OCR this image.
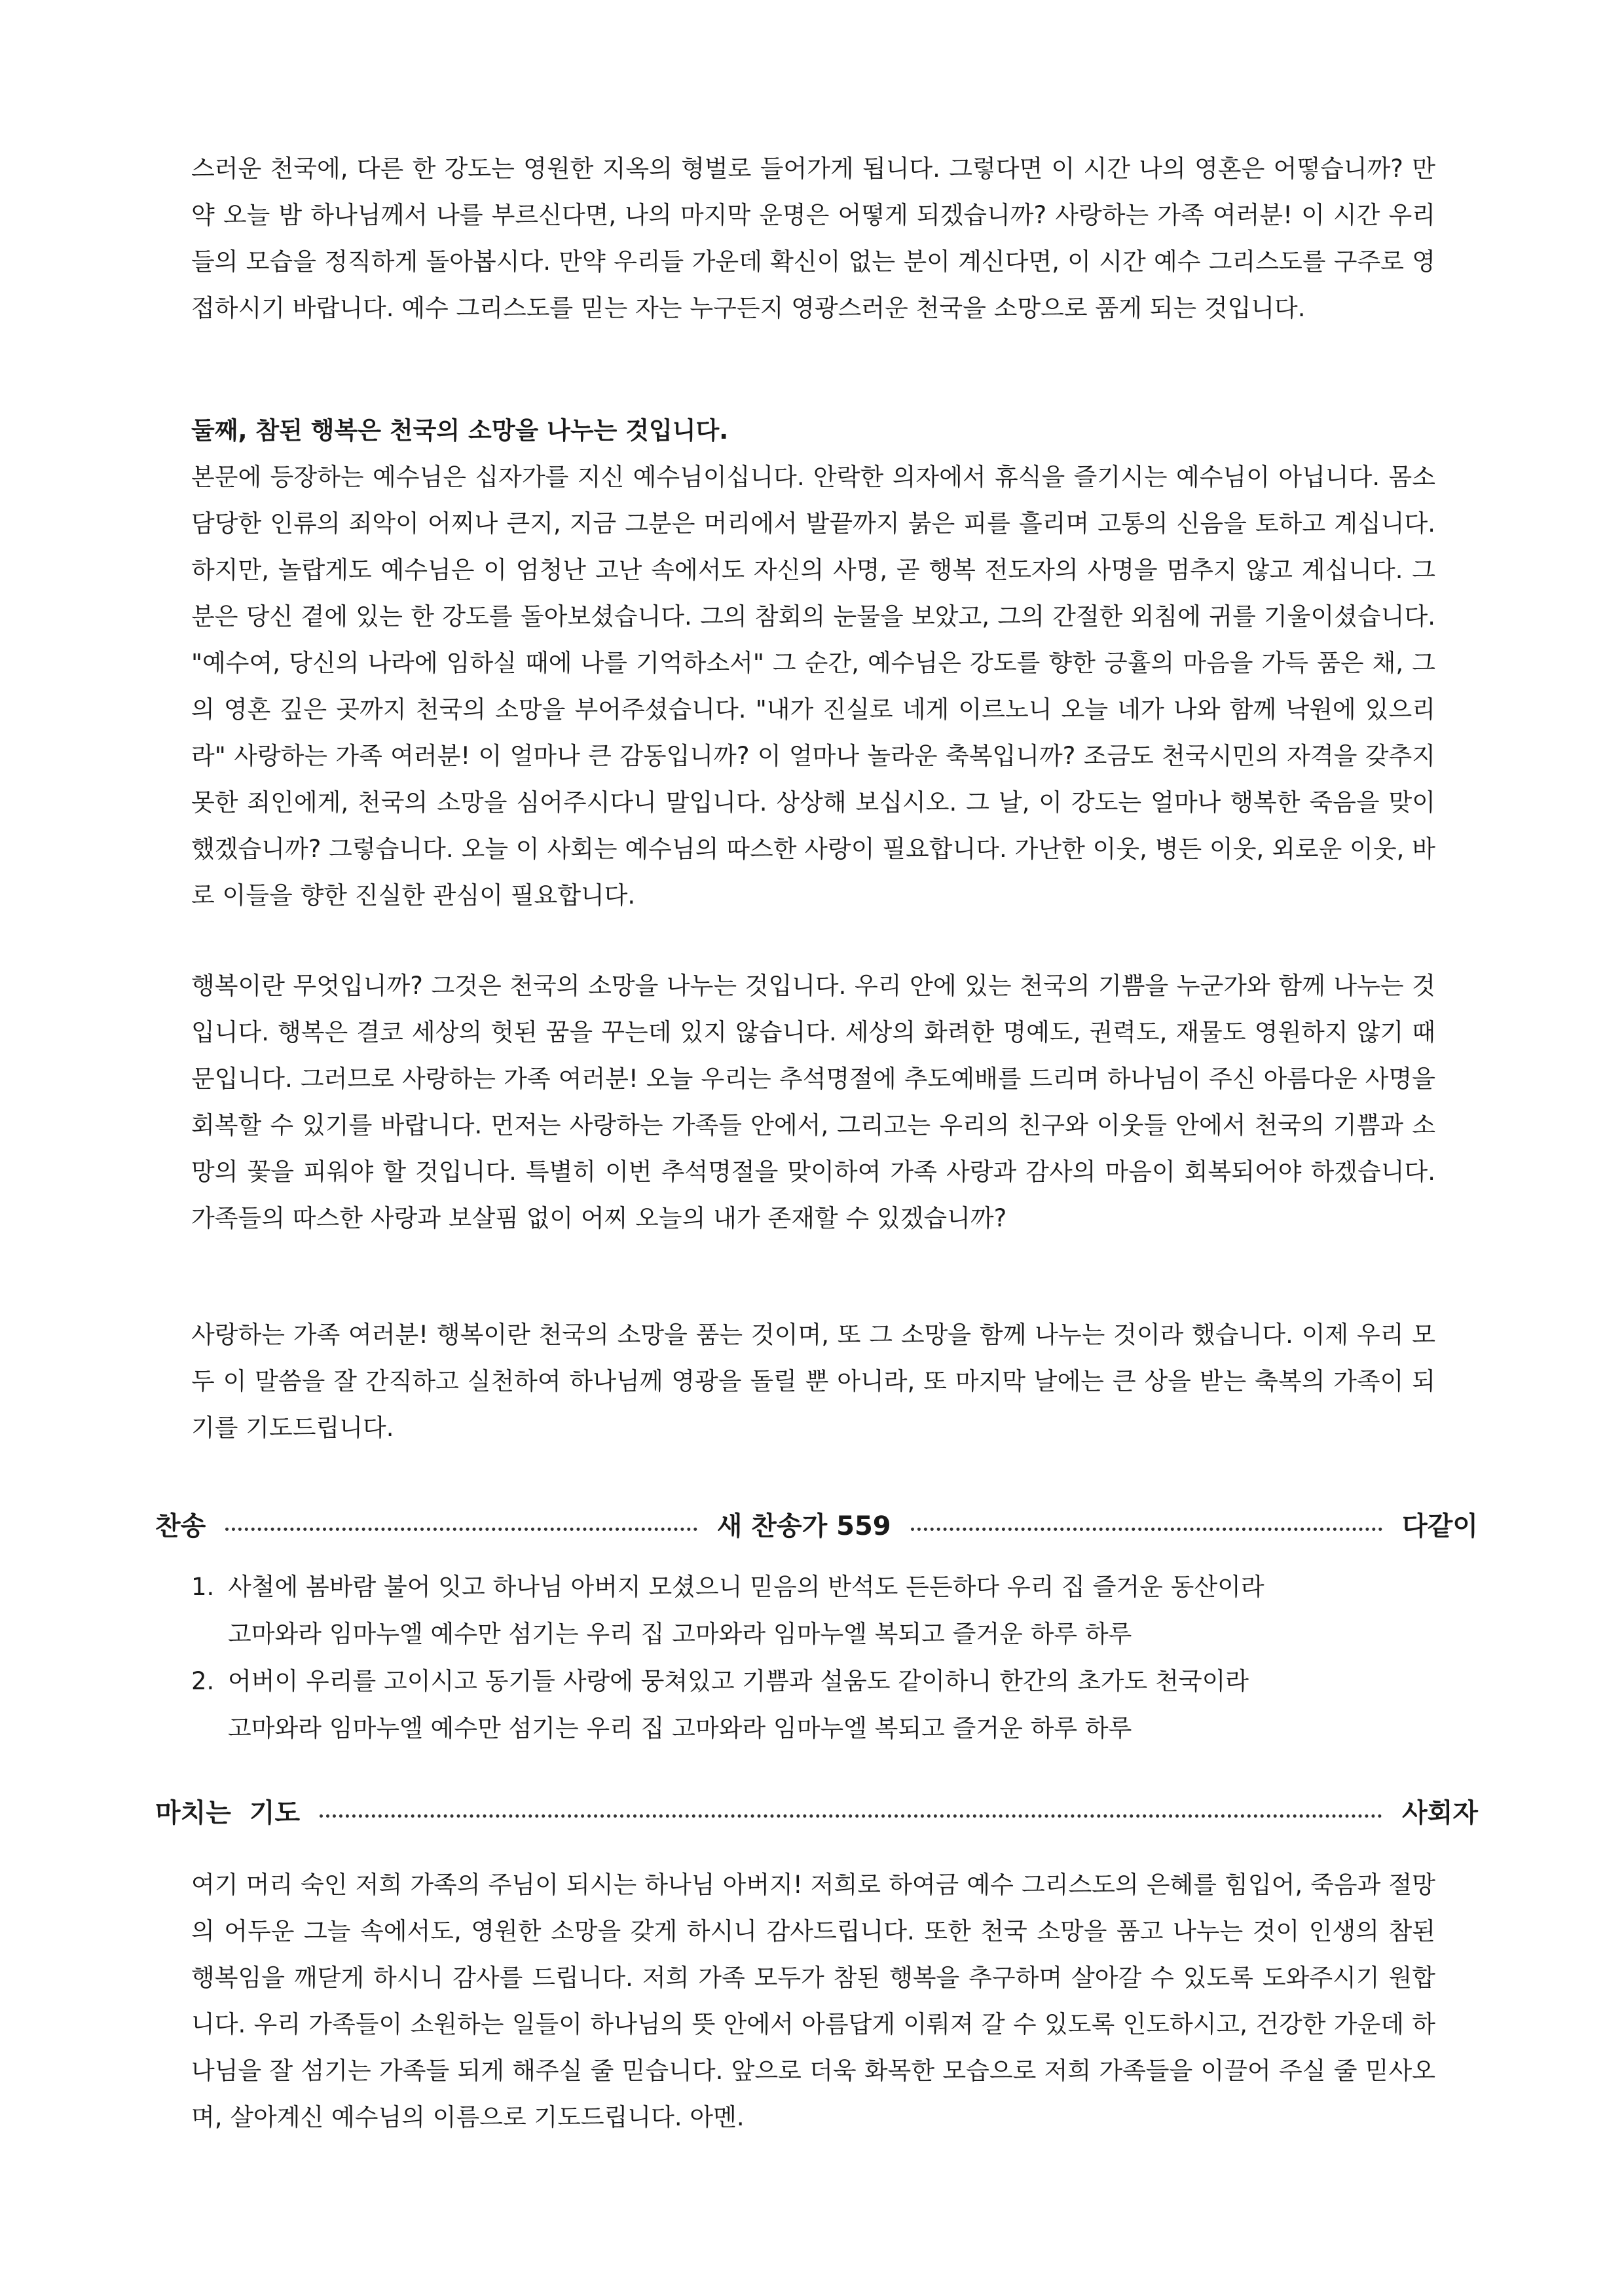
스러운 천국에, 다른 한 강도는 영원한 지옥의 형벌로 들어가게 됩니다. 그렇다면 이 시간 나의 영혼은 어떻습니까? 만약 오늘 밤 하나님께서 나를 부르신다면, 나의 마지막 운명은 어떻게 되겠습니까? 사랑하는 가족 여러분! 이 시간 우리들의 모습을 정직하게 돌아봅시다. 만약 우리들 가운데 확신이 없는 분이 계신다면, 이 시간 예수 그리스도를 구주로 영접하시기 바랍니다. 예수 그리스도를 믿는 자는 누구든지 영광스러운 천국을 소망으로 품게 되는 것입니다.

둘째, 참된 행복은 천국의 소망을 나누는 것입니다.

본문에 등장하는 예수님은 십자가를 지신 예수님이십니다. 안락한 의자에서 휴식을 즐기시는 예수님이 아닙니다. 몸소 담당한 인류의 죄악이 어찌나 큰지, 지금 그분은 머리에서 발끝까지 붉은 피를 흘리며 고통의 신음을 토하고 계십니다. 하지만, 놀랍게도 예수님은 이 엄청난 고난 속에서도 자신의 사명, 곧 행복 전도자의 사명을 멈추지 않고 계십니다. 그분은 당신 곁에 있는 한 강도를 돌아보셨습니다. 그의 참회의 눈물을 보았고, 그의 간절한 외침에 귀를 기울이셨습니다. "예수여, 당신의 나라에 임하실 때에 나를 기억하소서" 그 순간, 예수님은 강도를 향한 긍휼의 마음을 가득 품은 채, 그의 영혼 깊은 곳까지 천국의 소망을 부어주셨습니다. "내가 진실로 네게 이르노니 오늘 네가 나와 함께 낙원에 있으리라" 사랑하는 가족 여러분! 이 얼마나 큰 감동입니까? 이 얼마나 놀라운 축복입니까? 조금도 천국시민의 자격을 갖추지 못한 죄인에게, 천국의 소망을 심어주시다니 말입니다. 상상해 보십시오. 그 날, 이 강도는 얼마나 행복한 죽음을 맞이했겠습니까? 그렇습니다. 오늘 이 사회는 예수님의 따스한 사랑이 필요합니다. 가난한 이웃, 병든 이웃, 외로운 이웃, 바로 이들을 향한 진실한 관심이 필요합니다.

행복이란 무엇입니까? 그것은 천국의 소망을 나누는 것입니다. 우리 안에 있는 천국의 기쁨을 누군가와 함께 나누는 것입니다. 행복은 결코 세상의 헛된 꿈을 꾸는데 있지 않습니다. 세상의 화려한 명예도, 권력도, 재물도 영원하지 않기 때문입니다. 그러므로 사랑하는 가족 여러분! 오늘 우리는 추석명절에 추도예배를 드리며 하나님이 주신 아름다운 사명을 회복할 수 있기를 바랍니다. 먼저는 사랑하는 가족들 안에서, 그리고는 우리의 친구와 이웃들 안에서 천국의 기쁨과 소망의 꽃을 피워야 할 것입니다. 특별히 이번 추석명절을 맞이하여 가족 사랑과 감사의 마음이 회복되어야 하겠습니다. 가족들의 따스한 사랑과 보살핌 없이 어찌 오늘의 내가 존재할 수 있겠습니까?

사랑하는 가족 여러분! 행복이란 천국의 소망을 품는 것이며, 또 그 소망을 함께 나누는 것이라 했습니다. 이제 우리 모두 이 말씀을 잘 간직하고 실천하여 하나님께 영광을 돌릴 뿐 아니라, 또 마지막 날에는 큰 상을 받는 축복의 가족이 되기를 기도드립니다.

찬송	새 찬송가 559	다같이
1. 사철에 봄바람 불어 잇고 하나님 아버지 모셨으니 믿음의 반석도 든든하다 우리 집 즐거운 동산이라
고마와라 임마누엘 예수만 섬기는 우리 집 고마와라 임마누엘 복되고 즐거운 하루 하루
2. 어버이 우리를 고이시고 동기들 사랑에 뭉쳐있고 기쁨과 설움도 같이하니 한간의 초가도 천국이라
고마와라 임마누엘 예수만 섬기는 우리 집 고마와라 임마누엘 복되고 즐거운 하루 하루
마치는 기도	사회자

여기 머리 숙인 저희 가족의 주님이 되시는 하나님 아버지! 저희로 하여금 예수 그리스도의 은혜를 힘입어, 죽음과 절망의 어두운 그늘 속에서도, 영원한 소망을 갖게 하시니 감사드립니다. 또한 천국 소망을 품고 나누는 것이 인생의 참된 행복임을 깨닫게 하시니 감사를 드립니다. 저희 가족 모두가 참된 행복을 추구하며 살아갈 수 있도록 도와주시기 원합니다. 우리 가족들이 소원하는 일들이 하나님의 뜻 안에서 아름답게 이뤄져 갈 수 있도록 인도하시고, 건강한 가운데 하나님을 잘 섬기는 가족들 되게 해주실 줄 믿습니다. 앞으로 더욱 화목한 모습으로 저희 가족들을 이끌어 주실 줄 믿사오며, 살아계신 예수님의 이름으로 기도드립니다. 아멘.
